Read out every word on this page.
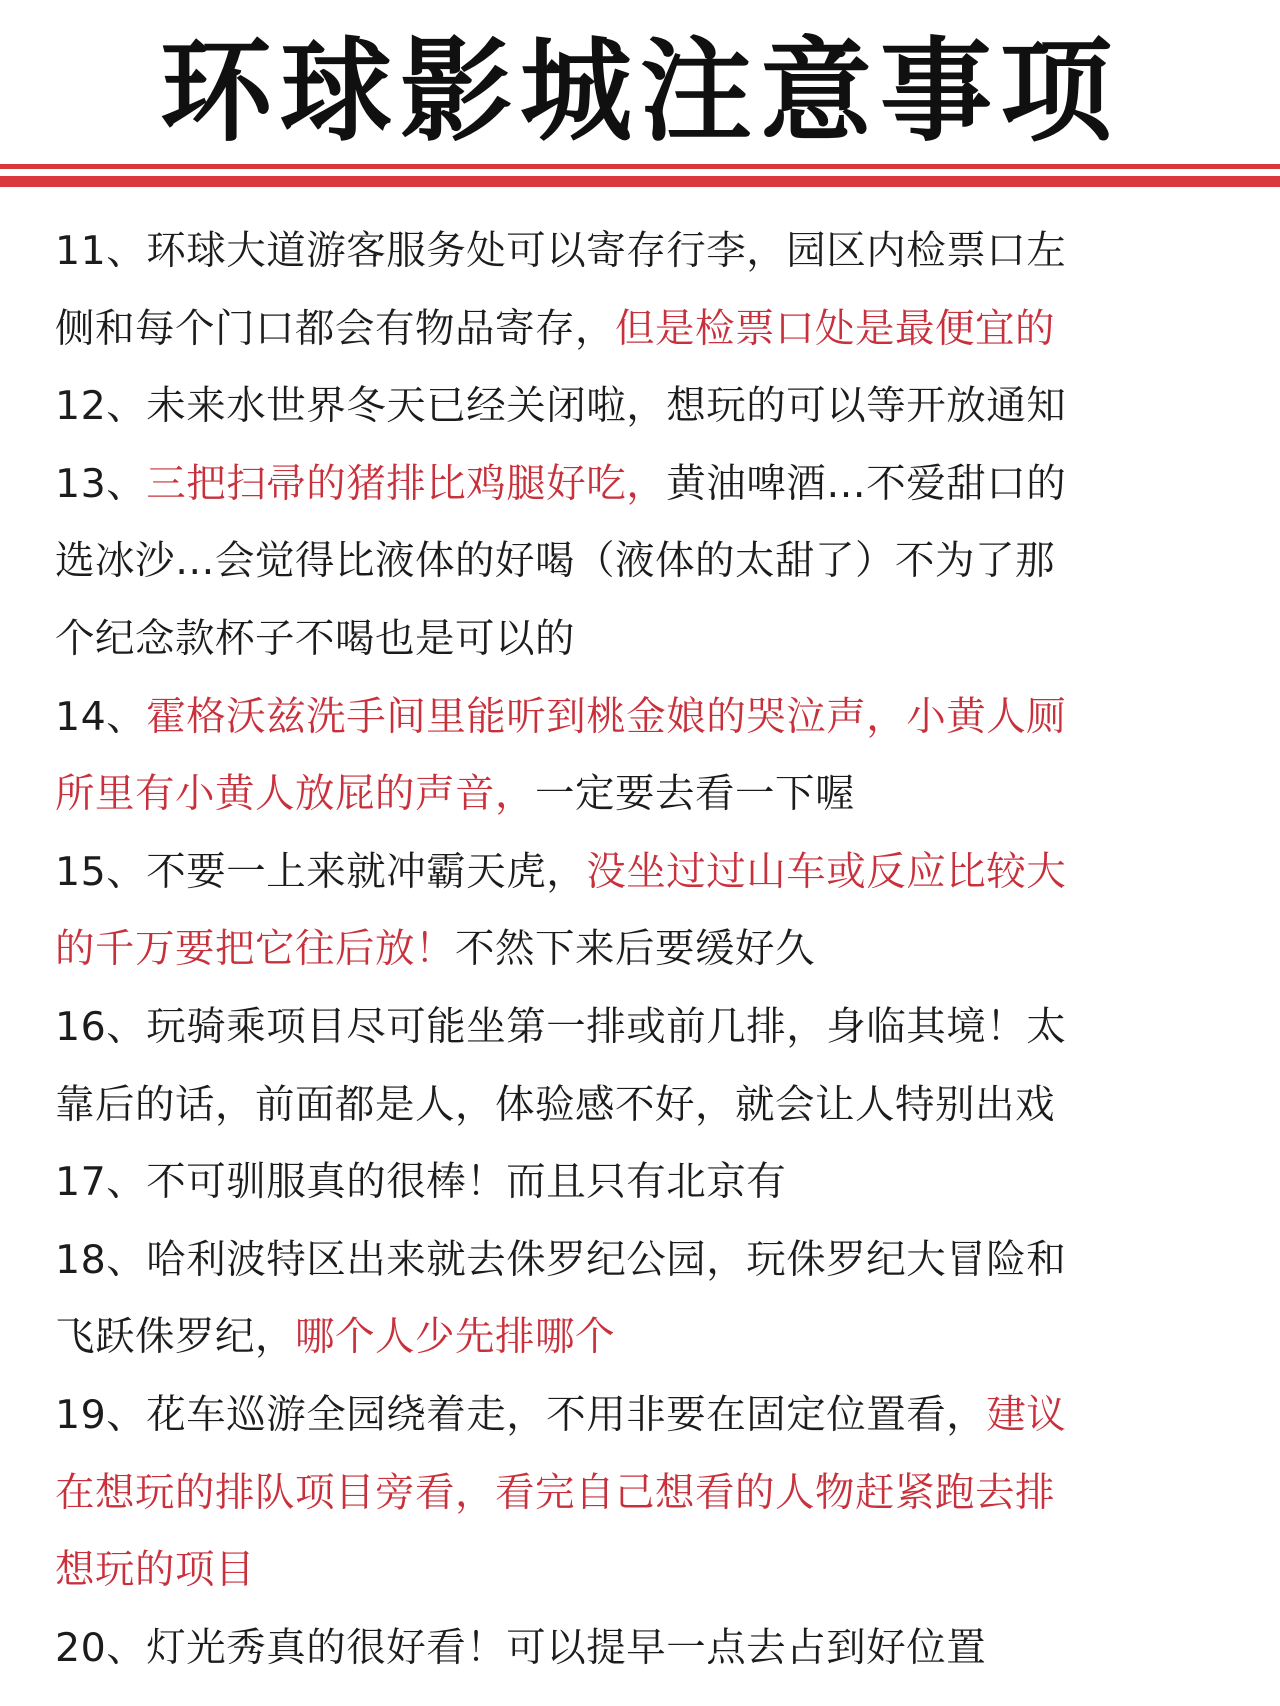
环球影城注意事项
11、环球大道游客服务处可以寄存行李，园区内检票口左
侧和每个门口都会有物品寄存，但是检票口处是最便宜的
12、未来水世界冬天已经关闭啦，想玩的可以等开放通知
13、三把扫帚的猪排比鸡腿好吃，黄油啤酒…不爱甜口的
选冰沙…会觉得比液体的好喝（液体的太甜了）不为了那
个纪念款杯子不喝也是可以的
14、霍格沃兹洗手间里能听到桃金娘的哭泣声，小黄人厕
所里有小黄人放屁的声音，一定要去看一下喔
15、不要一上来就冲霸天虎，没坐过过山车或反应比较大
的千万要把它往后放！不然下来后要缓好久
16、玩骑乘项目尽可能坐第一排或前几排，身临其境！太
靠后的话，前面都是人，体验感不好，就会让人特别出戏
17、不可驯服真的很棒！而且只有北京有
18、哈利波特区出来就去侏罗纪公园，玩侏罗纪大冒险和
飞跃侏罗纪，哪个人少先排哪个
19、花车巡游全园绕着走，不用非要在固定位置看，建议
在想玩的排队项目旁看，看完自己想看的人物赶紧跑去排
想玩的项目
20、灯光秀真的很好看！可以提早一点去占到好位置
